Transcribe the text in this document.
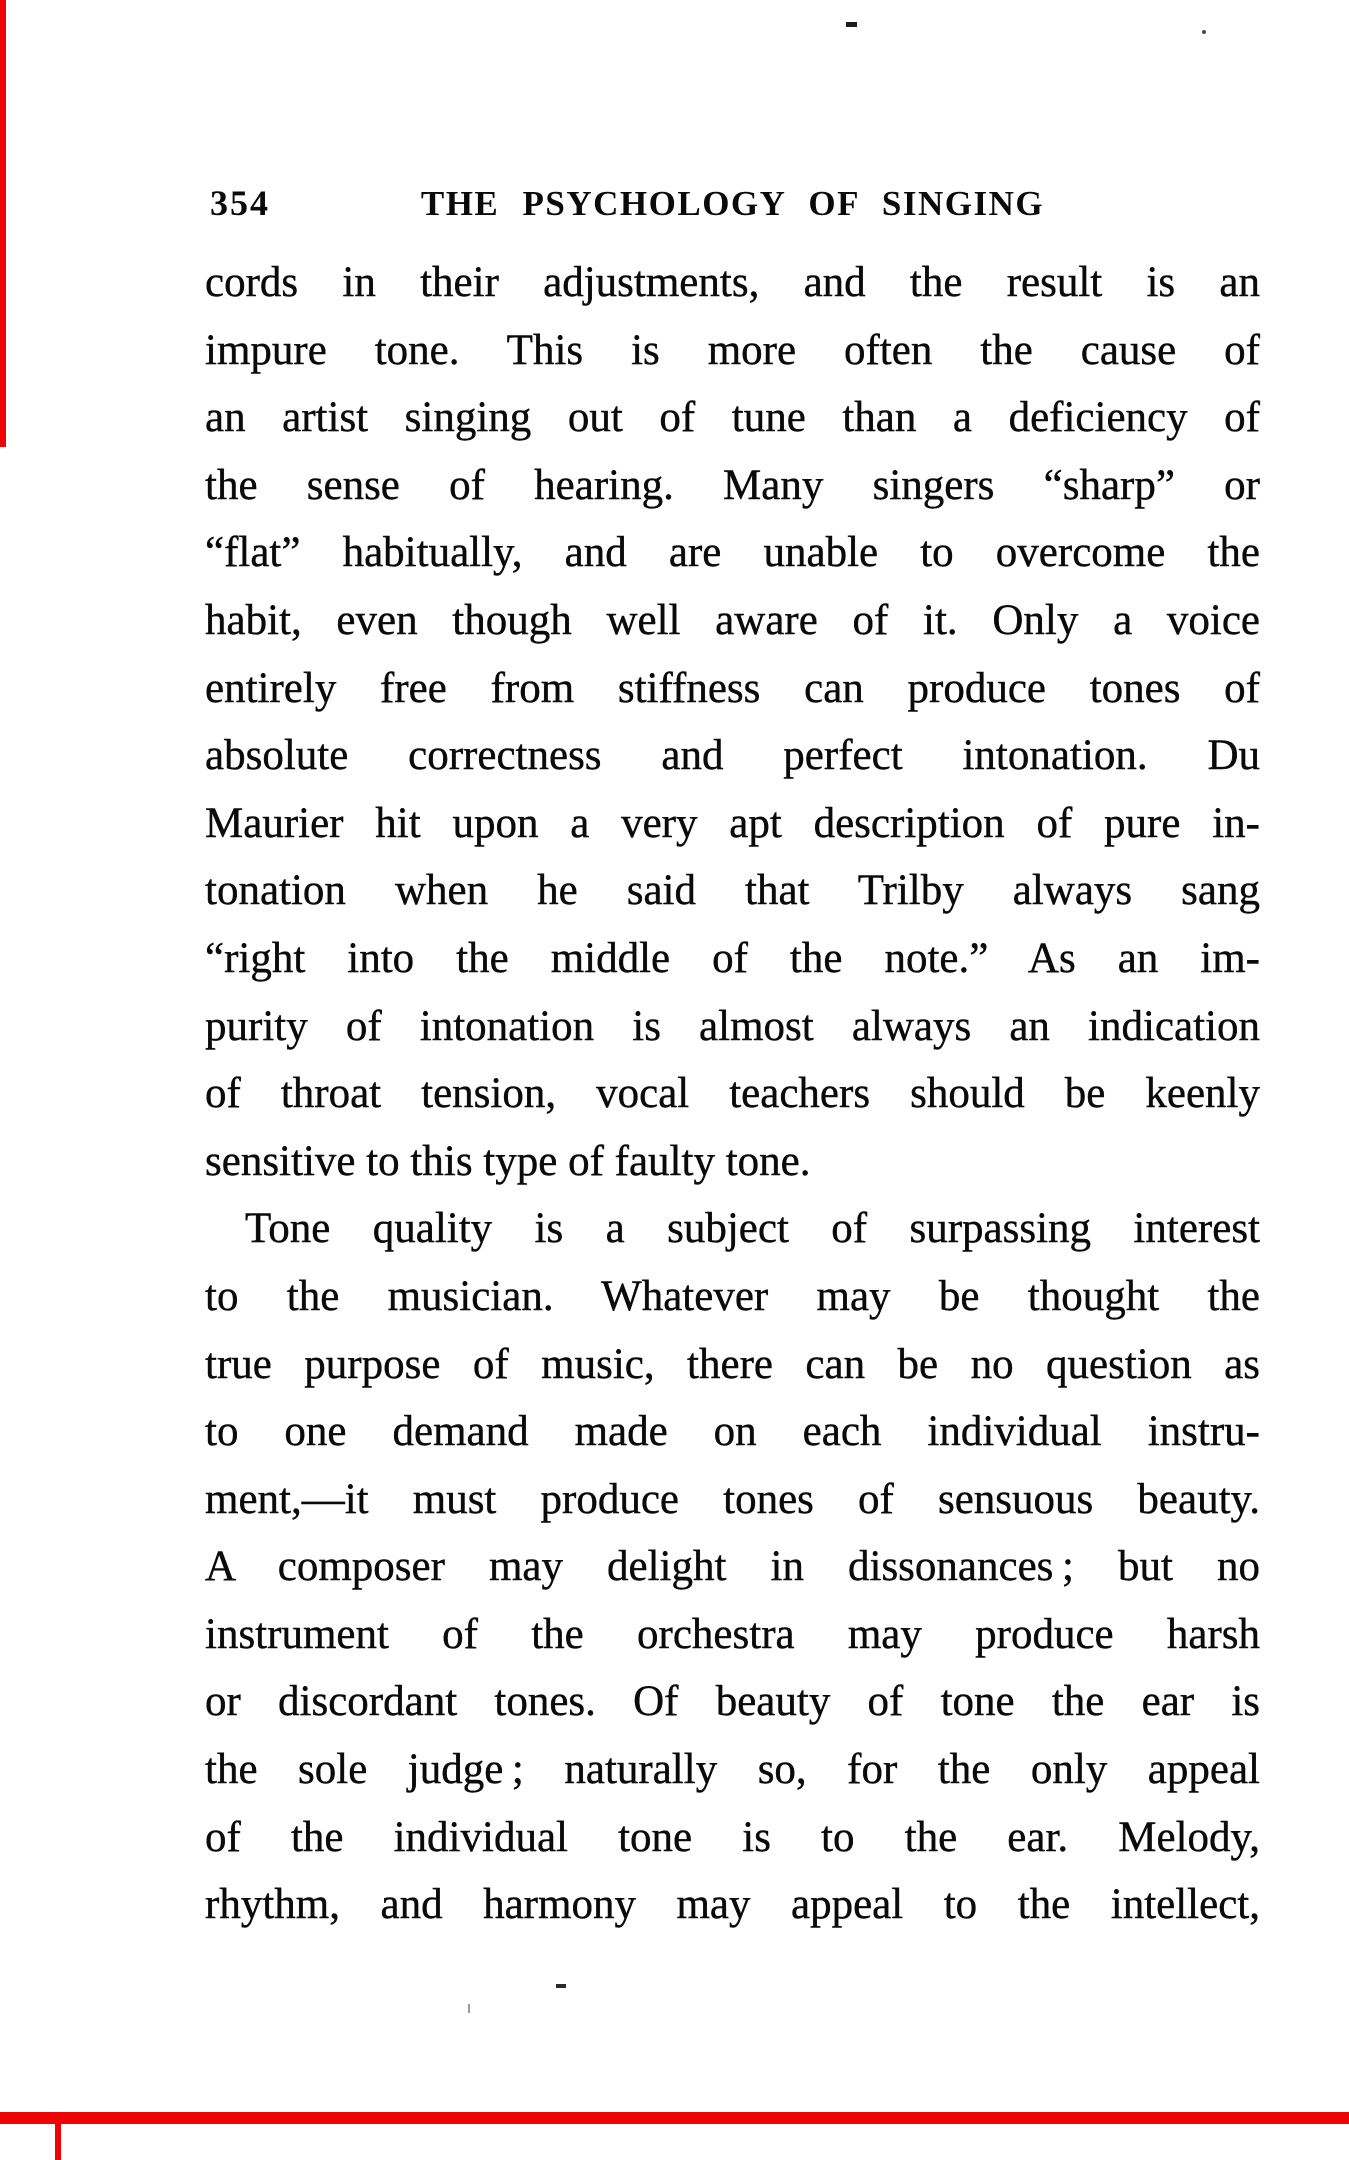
354	THE PSYCHOLOGY OF SINGING
cords in their adjustments, and the result is an
impure tone. This is more often the cause of
an artist singing out of tune than a deficiency of
the sense of hearing. Many singers “sharp” or
“flat” habitually, and are unable to overcome the
habit, even though well aware of it. Only a voice
entirely free from stiffness can produce tones of
absolute correctness and perfect intonation. Du
Maurier hit upon a very apt description of pure in-
tonation when he said that Trilby always sang
“right into the middle of the note.” As an im-
purity of intonation is almost always an indication
of throat tension, vocal teachers should be keenly
sensitive to this type of faulty tone.
Tone quality is a subject of surpassing interest
to the musician. Whatever may be thought the
true purpose of music, there can be no question as
to one demand made on each individual instru-
ment,—it must produce tones of sensuous beauty.
A composer may delight in dissonances ; but no
instrument of the orchestra may produce harsh
or discordant tones. Of beauty of tone the ear is
the sole judge ; naturally so, for the only appeal
of the individual tone is to the ear. Melody,
rhythm, and harmony may appeal to the intellect,
